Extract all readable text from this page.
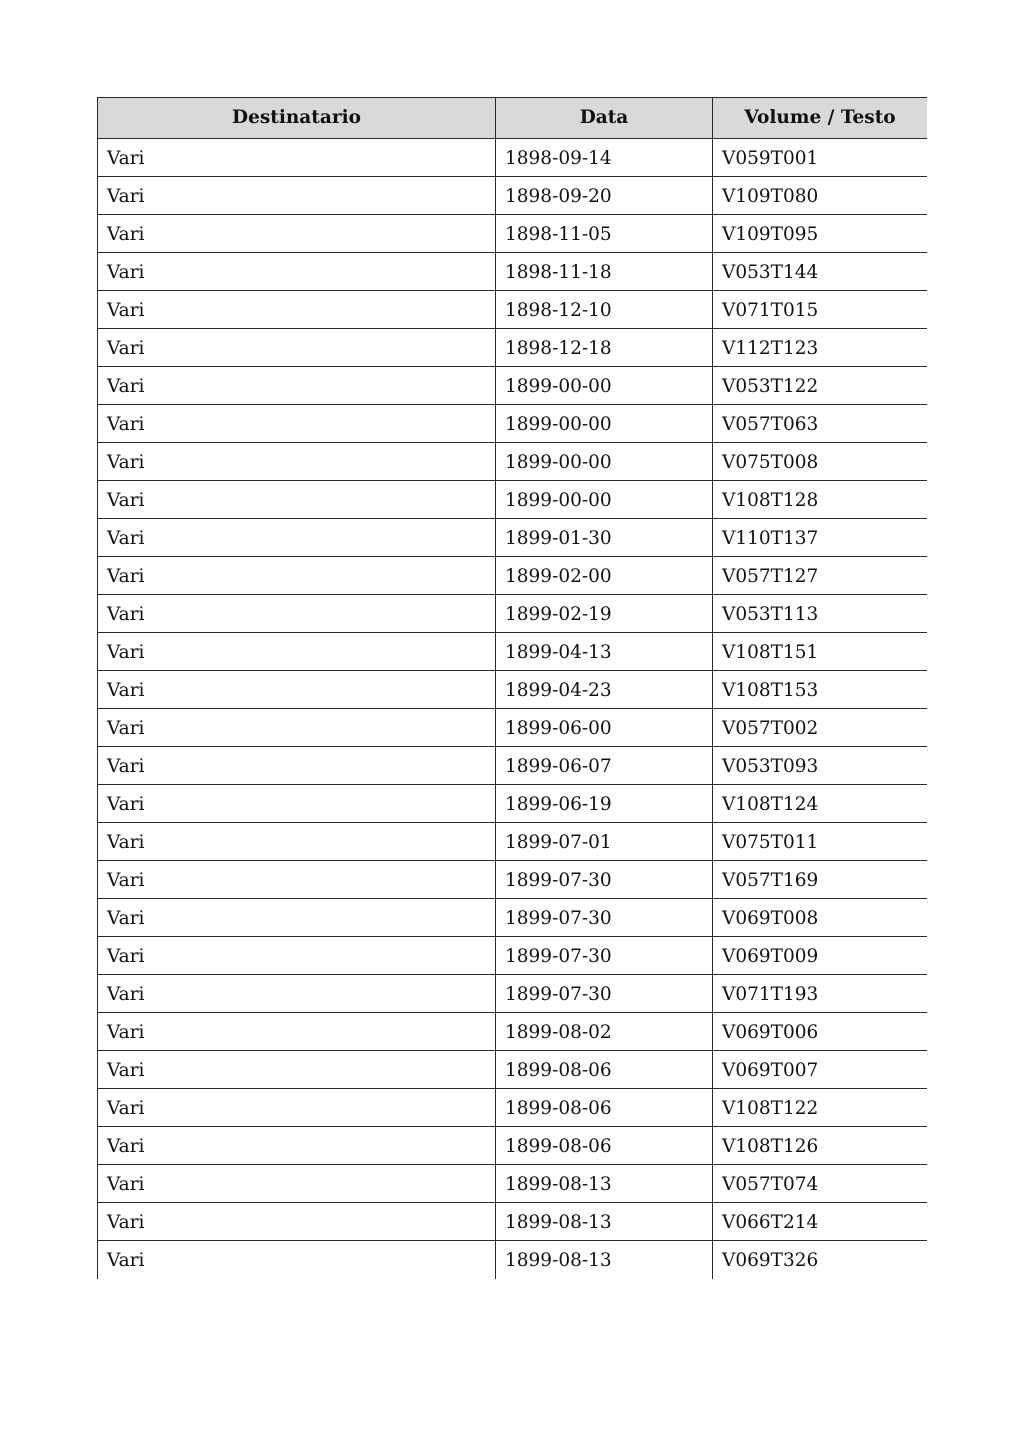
Destinatario	Data	Volume / Testo
Vari	1898-09-14	V059T001
Vari	1898-09-20	V109T080
Vari	1898-11-05	V109T095
Vari	1898-11-18	V053T144
Vari	1898-12-10	V071T015
Vari	1898-12-18	V112T123
Vari	1899-00-00	V053T122
Vari	1899-00-00	V057T063
Vari	1899-00-00	V075T008
Vari	1899-00-00	V108T128
Vari	1899-01-30	V110T137
Vari	1899-02-00	V057T127
Vari	1899-02-19	V053T113
Vari	1899-04-13	V108T151
Vari	1899-04-23	V108T153
Vari	1899-06-00	V057T002
Vari	1899-06-07	V053T093
Vari	1899-06-19	V108T124
Vari	1899-07-01	V075T011
Vari	1899-07-30	V057T169
Vari	1899-07-30	V069T008
Vari	1899-07-30	V069T009
Vari	1899-07-30	V071T193
Vari	1899-08-02	V069T006
Vari	1899-08-06	V069T007
Vari	1899-08-06	V108T122
Vari	1899-08-06	V108T126
Vari	1899-08-13	V057T074
Vari	1899-08-13	V066T214
Vari	1899-08-13	V069T326
